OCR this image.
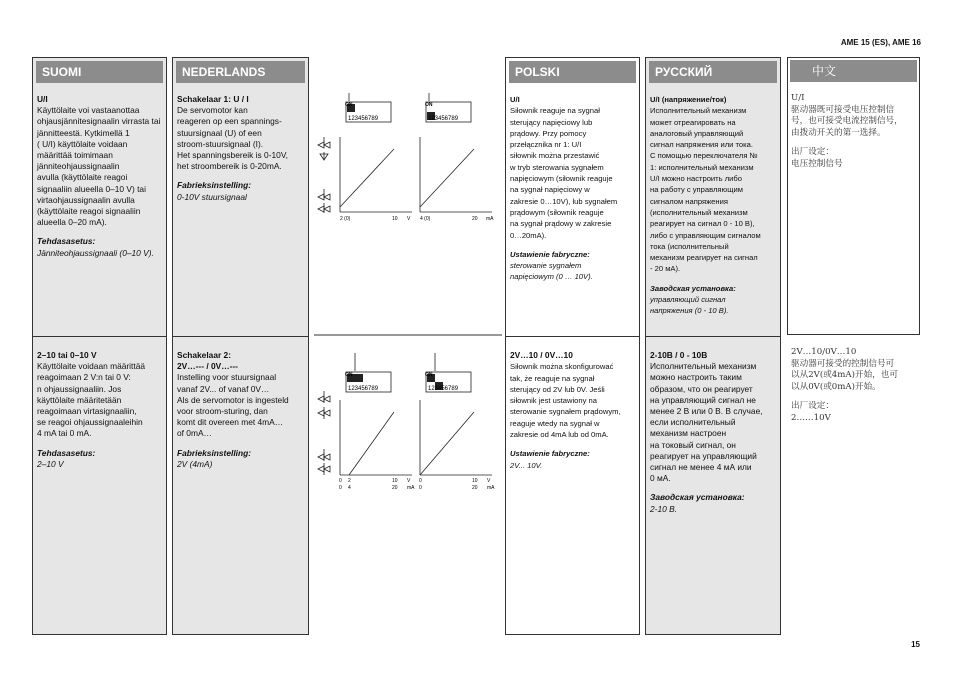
AME 15 (ES), AME 16
SUOMI

U/I

Käyttölaite voi vastaanottaa
ohjausjännitesignaalin virrasta tai
jännitteestä. Kytkimellä 1
( U/I) käyttölaite voidaan
määrittää toimimaan
jänniteohjaussignaalin
avulla (käyttölaite reagoi
signaaliin alueella 0–10 V) tai
virtaohjaussignaalin avulla
(käyttölaite reagoi signaaliin
alueella 0–20 mA).

Tehdasasetus:

Jänniteohjaussignaali (0–10 V).

2–10 tai 0–10 V

Käyttölaite voidaan määrittää
reagoimaan 2 V:n tai 0 V:
n ohjaussignaaliin. Jos
käyttölaite määritetään
reagoimaan virtasignaaliin,
se reagoi ohjaussignaaleihin
4 mA tai 0 mA.

Tehdasasetus:

2–10 V

NEDERLANDS

Schakelaar 1: U / I

De servomotor kan
reageren op een spannings-
stuursignaal (U) of een
stroom-stuursignaal (I).
Het spanningsbereik is 0-10V,
het stroombereik is 0-20mA.

Fabrieksinstelling:

0-10V stuursignaal

Schakelaar 2:

2V…--- / 0V…---

Instelling voor stuursignaal
vanaf 2V... of vanaf 0V…
Als de servomotor is ingesteld
voor stroom-sturing, dan
komt dit overeen met 4mA…
of 0mA…

Fabrieksinstelling:

2V (4mA)

ON
123456789
ON
123456789
2 (0)	10 V 4 (0)	20 mA
ON
123456789
ON
123456789
0 2	10 V
0 4	20 mA
0	10 V
0	20 mA
POLSKI

U/I

Siłownik reaguje na sygnał
sterujący napięciowy lub
prądowy. Przy pomocy
przełącznika nr 1: U/I
siłownik można przestawić
w tryb sterowania sygnałem
napięciowym (siłownik reaguje
na sygnał napięciowy w
zakresie 0…10V), lub sygnałem
prądowym (siłownik reaguje
na sygnał prądowy w zakresie
0…20mA).

Ustawienie fabryczne:

sterowanie sygnałem
napięciowym (0 … 10V).

2V…10 / 0V…10

Siłownik można skonfigurować
tak, że reaguje na sygnał
sterujący od 2V lub 0V. Jeśli
siłownik jest ustawiony na
sterowanie sygnałem prądowym,
reaguje wtedy na sygnał w
zakresie od 4mA lub od 0mA.

Ustawienie fabryczne:

2V... 10V.

РУССКИЙ

U/I (напряжение/ток)

Исполнительный механизм
может отреагировать на
аналоговый управляющий
сигнал напряжения или тока.
С помощью переключателя №
1: исполнительный механизм
U/I можно настроить либо
на работу с управляющим
сигналом напряжения
(исполнительный механизм
реагирует на сигнал 0 - 10 В),
либо с управляющим сигналом
тока (исполнительный
механизм реагирует на сигнал
- 20 мА).

Заводская установка:

управляющий сигнал
напряжения (0 - 10 В).

2-10В / 0 - 10В

Исполнительный механизм
можно настроить таким
образом, что он реагирует
на управляющий сигнал не
менее 2 В или 0 В. В случае,
если исполнительный
механизм настроен
на токовый сигнал, он
реагирует на управляющий
сигнал не менее 4 мА или
0 мА.

Заводская установка:

2-10 В.

中文
U/I
驱动器既可接受电压控制信
号，也可接受电流控制信号，
由拨动开关的第一选择。

出厂设定：

电压控制信号

2V…10/0V…10
驱动器可接受的控制信号可
以从2V(或4mA)开始，也可
以从0V(或0mA)开始。

出厂设定：

2……10V

15
